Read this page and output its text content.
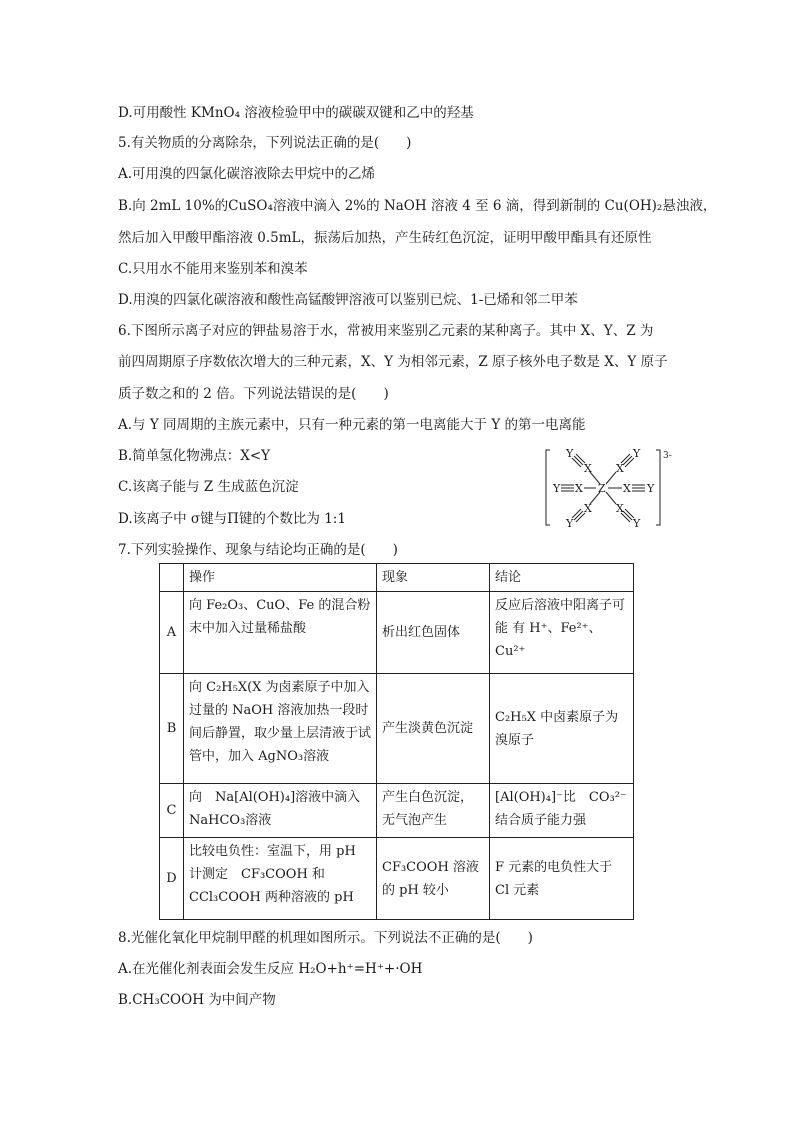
D.可用酸性 KMnO₄ 溶液检验甲中的碳碳双键和乙中的羟基
5.有关物质的分离除杂，下列说法正确的是(　　)
A.可用溴的四氯化碳溶液除去甲烷中的乙烯
B.向 2mL 10%的CuSO₄溶液中滴入 2%的 NaOH 溶液 4 至 6 滴，得到新制的 Cu(OH)₂悬浊液，
然后加入甲酸甲酯溶液 0.5mL，振荡后加热，产生砖红色沉淀，证明甲酸甲酯具有还原性
C.只用水不能用来鉴别苯和溴苯
D.用溴的四氯化碳溶液和酸性高锰酸钾溶液可以鉴别已烷、1-已烯和邻二甲苯
6.下图所示离子对应的钾盐易溶于水，常被用来鉴别乙元素的某种离子。其中 X、Y、Z 为
前四周期原子序数依次增大的三种元素，X、Y 为相邻元素，Z 原子核外电子数是 X、Y 原子
质子数之和的 2 倍。下列说法错误的是(　　)
A.与 Y 同周期的主族元素中，只有一种元素的第一电离能大于 Y 的第一电离能
B.简单氢化物沸点：X<Y
C.该离子能与 Z 生成蓝色沉淀
D.该离子中 σ键与Π键的个数比为 1:1
Y X Z X Y
X X
X X
Y	Y
Y	Y
3-
7.下列实验操作、现象与结论均正确的是(　　)
	操作	现象	结论
A	向 Fe₂O₃、CuO、Fe 的混合粉末中加入过量稀盐酸	析出红色固体	反应后溶液中阳离子可 能 有 H⁺、Fe²⁺、Cu²⁺
B	向 C₂H₅X(X 为卤素原子中加入过量的 NaOH 溶液加热一段时间后静置，取少量上层清液于试管中，加入 AgNO₃溶液	产生淡黄色沉淀	C₂H₅X 中卤素原子为溴原子
C	向　Na[Al(OH)₄]溶液中滴入 NaHCO₃溶液	产生白色沉淀，无气泡产生	[Al(OH)₄]⁻比　CO₃²⁻结合质子能力强
D	比较电负性：室温下，用 pH 计测定　CF₃COOH 和 CCl₃COOH 两种溶液的 pH	CF₃COOH 溶液的 pH 较小	F 元素的电负性大于 Cl 元素
8.光催化氧化甲烷制甲醛的机理如图所示。下列说法不正确的是(　　)
A.在光催化剂表面会发生反应 H₂O+h⁺=H⁺+·OH
B.CH₃COOH 为中间产物
